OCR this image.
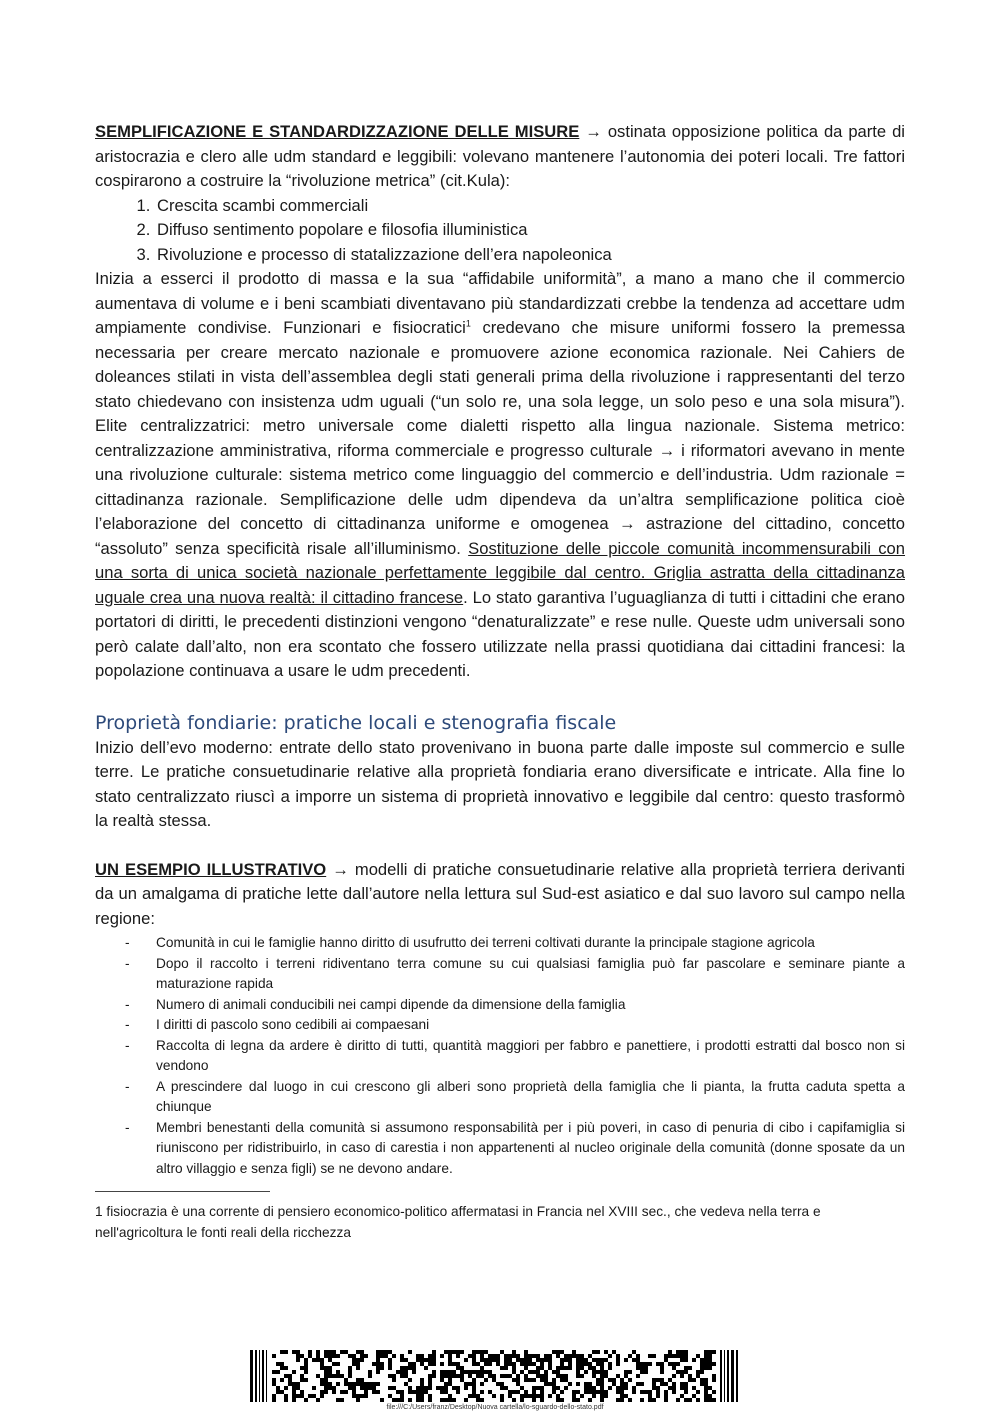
SEMPLIFICAZIONE E STANDARDIZZAZIONE DELLE MISURE → ostinata opposizione politica da parte di aristocrazia e clero alle udm standard e leggibili: volevano mantenere l’autonomia dei poteri locali. Tre fattori cospirarono a costruire la “rivoluzione metrica” (cit.Kula):

1. Crescita scambi commerciali
2. Diffuso sentimento popolare e filosofia illuministica
3. Rivoluzione e processo di statalizzazione dell’era napoleonica

Inizia a esserci il prodotto di massa e la sua “affidabile uniformità”, a mano a mano che il commercio aumentava di volume e i beni scambiati diventavano più standardizzati crebbe la tendenza ad accettare udm ampiamente condivise. Funzionari e fisiocratici$^1$ credevano che misure uniformi fossero la premessa necessaria per creare mercato nazionale e promuovere azione economica razionale. Nei Cahiers de doleances stilati in vista dell’assemblea degli stati generali prima della rivoluzione i rappresentanti del terzo stato chiedevano con insistenza udm uguali (“un solo re, una sola legge, un solo peso e una sola misura”). Elite centralizzatrici: metro universale come dialetti rispetto alla lingua nazionale. Sistema metrico: centralizzazione amministrativa, riforma commerciale e progresso culturale → i riformatori avevano in mente una rivoluzione culturale: sistema metrico come linguaggio del commercio e dell’industria. Udm razionale = cittadinanza razionale. Semplificazione delle udm dipendeva da un’altra semplificazione politica cioè l’elaborazione del concetto di cittadinanza uniforme e omogenea → astrazione del cittadino, concetto “assoluto” senza specificità risale all’illuminismo. Sostituzione delle piccole comunità incommensurabili con una sorta di unica società nazionale perfettamente leggibile dal centro. Griglia astratta della cittadinanza uguale crea una nuova realtà: il cittadino francese. Lo stato garantiva l’uguaglianza di tutti i cittadini che erano portatori di diritti, le precedenti distinzioni vengono “denaturalizzate” e rese nulle. Queste udm universali sono però calate dall’alto, non era scontato che fossero utilizzate nella prassi quotidiana dai cittadini francesi: la popolazione continuava a usare le udm precedenti.

Proprietà fondiarie: pratiche locali e stenografia fiscale

Inizio dell’evo moderno: entrate dello stato provenivano in buona parte dalle imposte sul commercio e sulle terre. Le pratiche consuetudinarie relative alla proprietà fondiaria erano diversificate e intricate. Alla fine lo stato centralizzato riuscì a imporre un sistema di proprietà innovativo e leggibile dal centro: questo trasformò la realtà stessa.

UN ESEMPIO ILLUSTRATIVO → modelli di pratiche consuetudinarie relative alla proprietà terriera derivanti da un amalgama di pratiche lette dall’autore nella lettura sul Sud-est asiatico e dal suo lavoro sul campo nella regione:

- Comunità in cui le famiglie hanno diritto di usufrutto dei terreni coltivati durante la principale stagione agricola
- Dopo il raccolto i terreni ridiventano terra comune su cui qualsiasi famiglia può far pascolare e seminare piante a maturazione rapida
- Numero di animali conducibili nei campi dipende da dimensione della famiglia
- I diritti di pascolo sono cedibili ai compaesani
- Raccolta di legna da ardere è diritto di tutti, quantità maggiori per fabbro e panettiere, i prodotti estratti dal bosco non si vendono
- A prescindere dal luogo in cui crescono gli alberi sono proprietà della famiglia che li pianta, la frutta caduta spetta a chiunque
- Membri benestanti della comunità si assumono responsabilità per i più poveri, in caso di penuria di cibo i capifamiglia si riuniscono per ridistribuirlo, in caso di carestia i non appartenenti al nucleo originale della comunità (donne sposate da un altro villaggio e senza figli) se ne devono andare.

1 fisiocrazia è una corrente di pensiero economico-politico affermatasi in Francia nel XVIII sec., che vedeva nella terra e nell'agricoltura le fonti reali della ricchezza

file:///C:/Users/franz/Desktop/Nuova cartella/lo-sguardo-dello-stato.pdf
